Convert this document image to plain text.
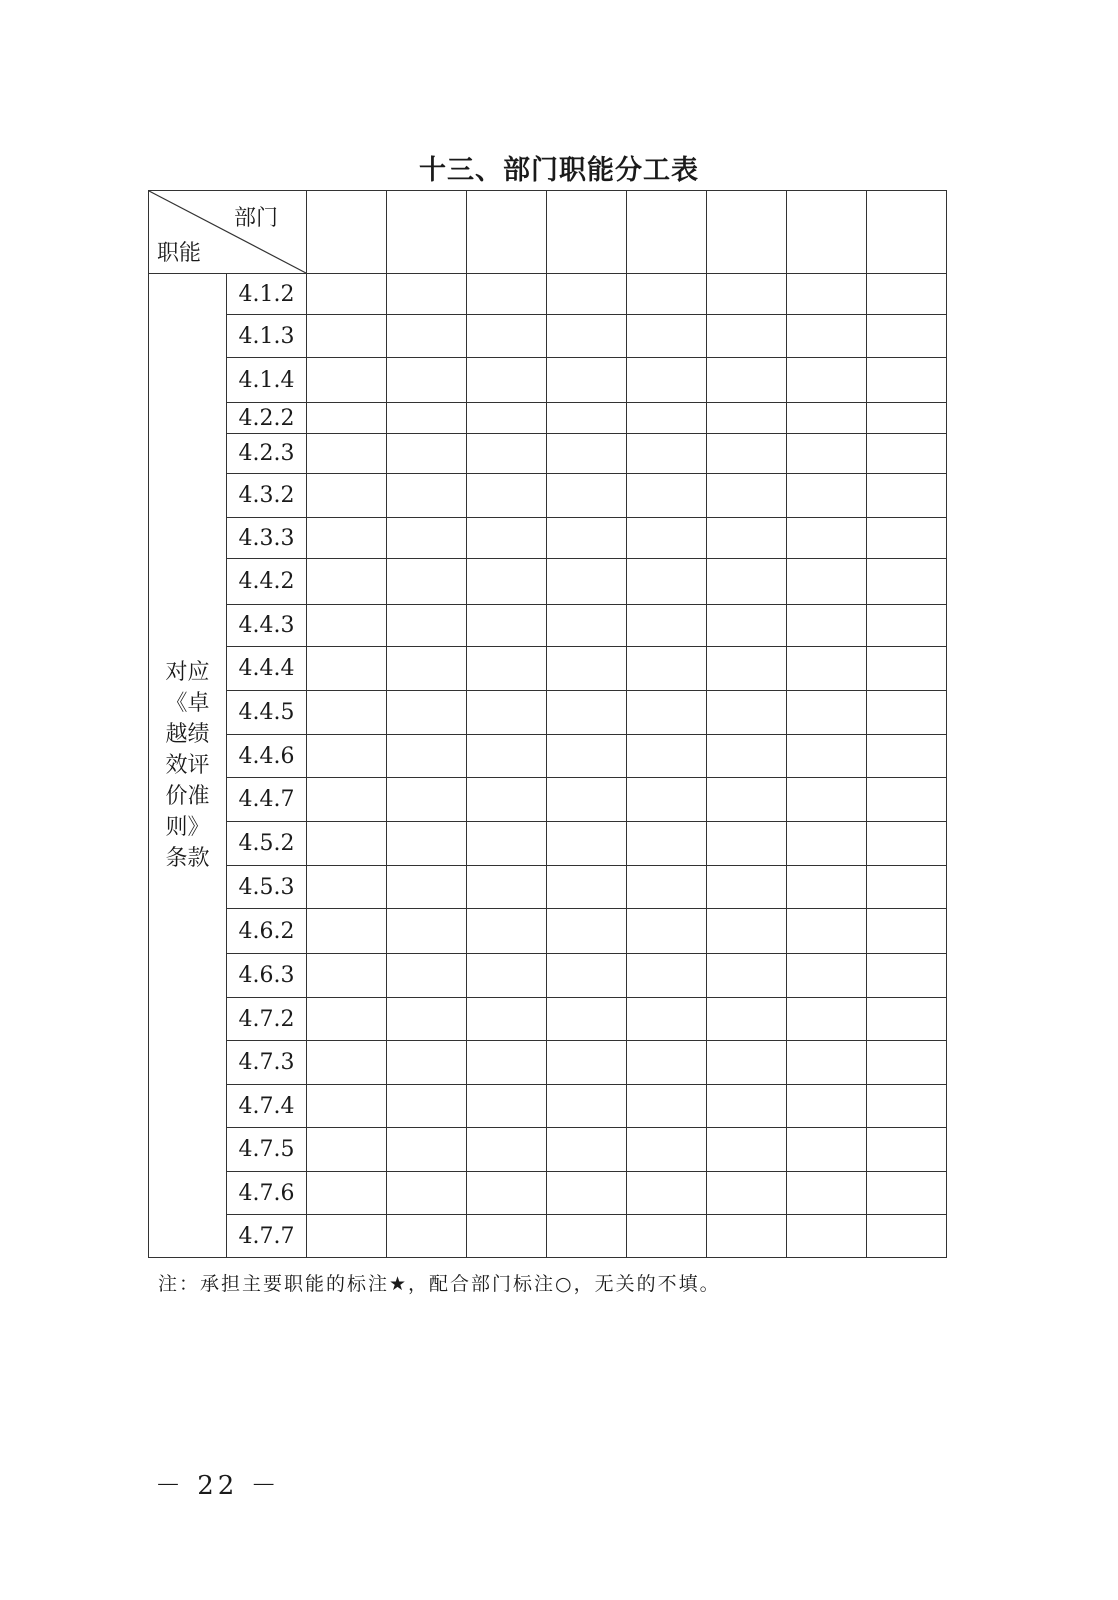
十三、部门职能分工表
部门
职能									

对应《卓越绩效评价准则》条款	4.1.2								
	4.1.3								
	4.1.4								
	4.2.2								
	4.2.3								
	4.3.2								
	4.3.3								
	4.4.2								
	4.4.3								
	4.4.4								
	4.4.5								
	4.4.6								
	4.4.7								
	4.5.2								
	4.5.3								
	4.6.2								
	4.6.3								
	4.7.2								
	4.7.3								
	4.7.4								
	4.7.5								
	4.7.6								
	4.7.7								

注：承担主要职能的标注★，配合部门标注○，无关的不填。

－ 22 －
